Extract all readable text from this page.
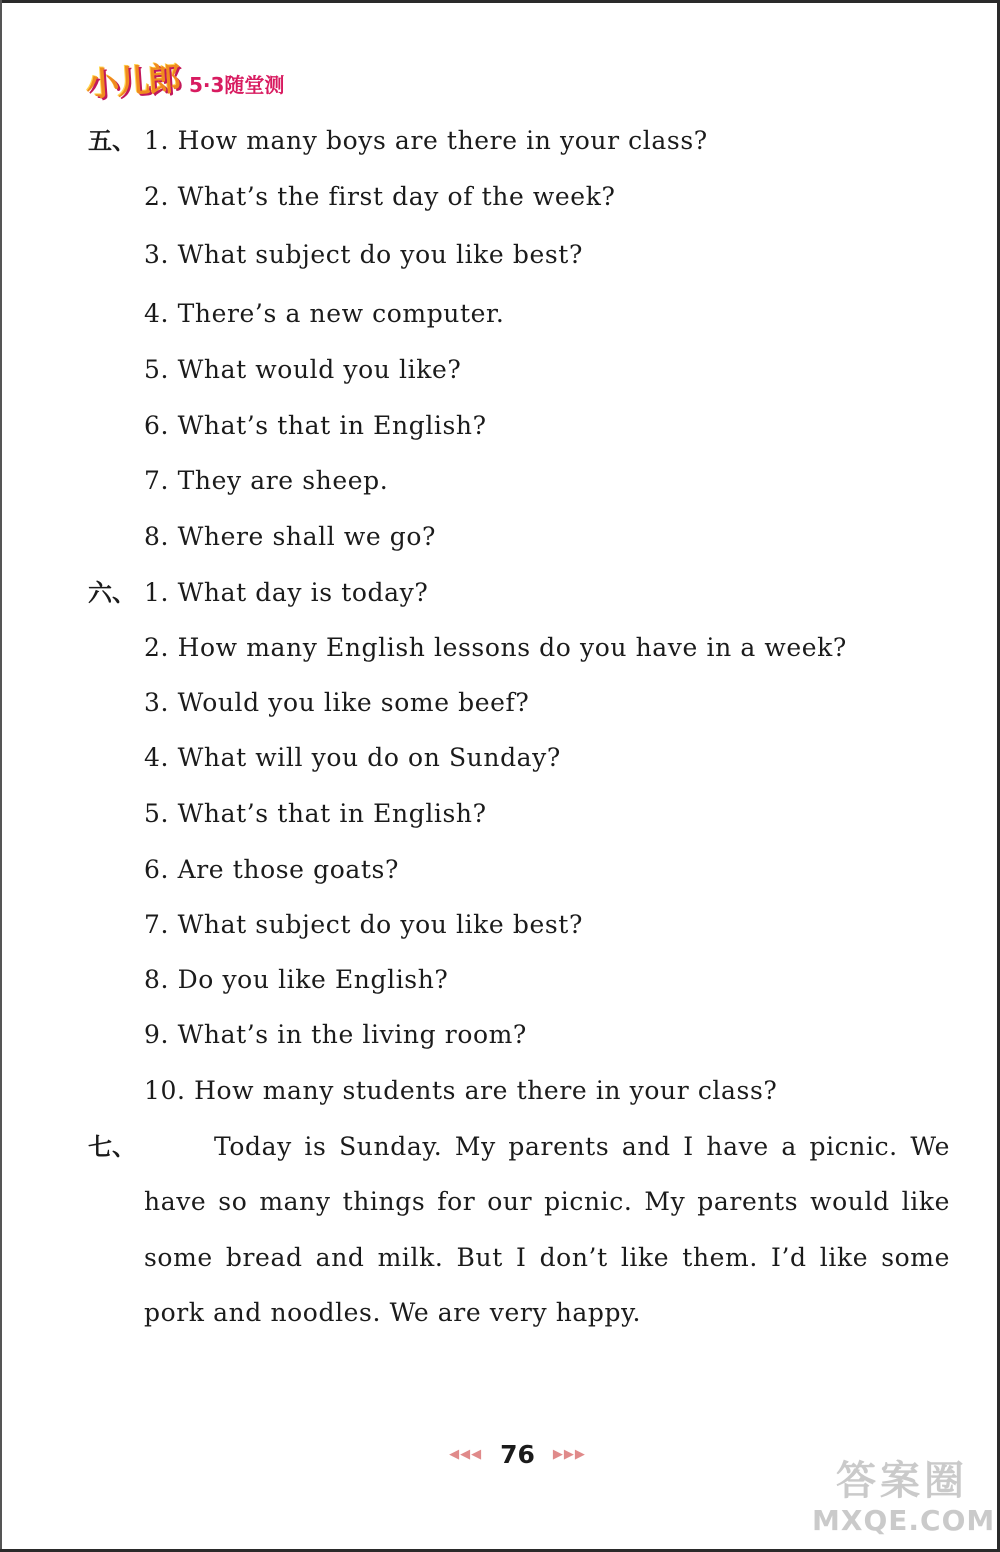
小儿郎 5·3随堂测
五、 1. How many boys are there in your class?
2. What’s the first day of the week?
3. What subject do you like best?
4. There’s a new computer.
5. What would you like?
6. What’s that in English?
7. They are sheep.
8. Where shall we go?
六、 1. What day is today?
2. How many English lessons do you have in a week?
3. Would you like some beef?
4. What will you do on Sunday?
5. What’s that in English?
6. Are those goats?
7. What subject do you like best?
8. Do you like English?
9. What’s in the living room?
10. How many students are there in your class?
七、	Today is Sunday. My parents and I have a picnic. We
have so many things for our picnic. My parents would like
some bread and milk. But I don’t like them. I’d like some
pork and noodles. We are very happy.
◀◀◀ 76 ▶▶▶
答案圈
MXQE.COM
